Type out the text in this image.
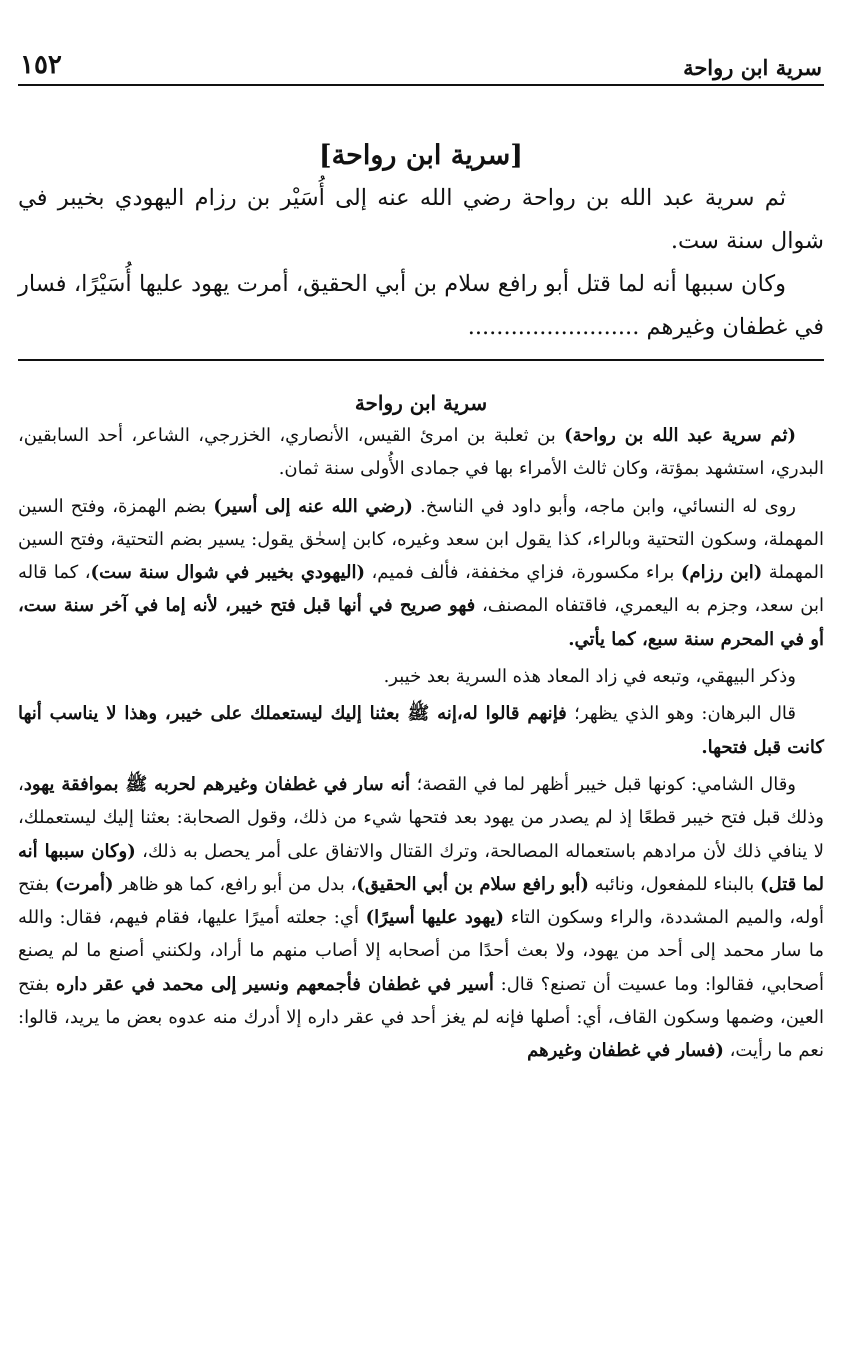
سرية ابن رواحة
١٥٢
[سرية ابن رواحة]

ثم سرية عبد الله بن رواحة رضي الله عنه إلى أُسَيْر بن رزام اليهودي بخيبر في شوال سنة ست.

وكان سببها أنه لما قتل أبو رافع سلام بن أبي الحقيق، أمرت يهود عليها أُسَيْرًا، فسار في غطفان وغيرهم ........................

سرية ابن رواحة

(ثم سرية عبد الله بن رواحة) بن ثعلبة بن امرئ القيس، الأنصاري، الخزرجي، الشاعر، أحد السابقين، البدري، استشهد بمؤتة، وكان ثالث الأمراء بها في جمادى الأُولى سنة ثمان.

روى له النسائي، وابن ماجه، وأبو داود في الناسخ. (رضي الله عنه إلى أسير) بضم الهمزة، وفتح السين المهملة، وسكون التحتية وبالراء، كذا يقول ابن سعد وغيره، كابن إسحٰق يقول: يسير بضم التحتية، وفتح السين المهملة (ابن رزام) براء مكسورة، فزاي مخففة، فألف فميم، (اليهودي بخيبر في شوال سنة ست)، كما قاله ابن سعد، وجزم به اليعمري، فاقتفاه المصنف، فهو صريح في أنها قبل فتح خيبر، لأنه إما في آخر سنة ست، أو في المحرم سنة سبع، كما يأتي.

وذكر البيهقي، وتبعه في زاد المعاد هذه السرية بعد خيبر.

قال البرهان: وهو الذي يظهر؛ فإنهم قالوا له،إنه ﷺ بعثنا إليك ليستعملك على خيبر، وهذا لا يناسب أنها كانت قبل فتحها.

وقال الشامي: كونها قبل خيبر أظهر لما في القصة؛ أنه سار في غطفان وغيرهم لحربه ﷺ بموافقة يهود، وذلك قبل فتح خيبر قطعًا إذ لم يصدر من يهود بعد فتحها شيء من ذلك، وقول الصحابة: بعثنا إليك ليستعملك، لا ينافي ذلك لأن مرادهم باستعماله المصالحة، وترك القتال والاتفاق على أمر يحصل به ذلك، (وكان سببها أنه لما قتل) بالبناء للمفعول، ونائبه (أبو رافع سلام بن أبي الحقيق)، بدل من أبو رافع، كما هو ظاهر (أمرت) بفتح أوله، والميم المشددة، والراء وسكون التاء (يهود عليها أسيرًا) أي: جعلته أميرًا عليها، فقام فيهم، فقال: والله ما سار محمد إلى أحد من يهود، ولا بعث أحدًا من أصحابه إلا أصاب منهم ما أراد، ولكنني أصنع ما لم يصنع أصحابي، فقالوا: وما عسيت أن تصنع؟ قال: أسير في غطفان فأجمعهم ونسير إلى محمد في عقر داره بفتح العين، وضمها وسكون القاف، أي: أصلها فإنه لم يغز أحد في عقر داره إلا أدرك منه عدوه بعض ما يريد، قالوا: نعم ما رأيت، (فسار في غطفان وغيرهم
